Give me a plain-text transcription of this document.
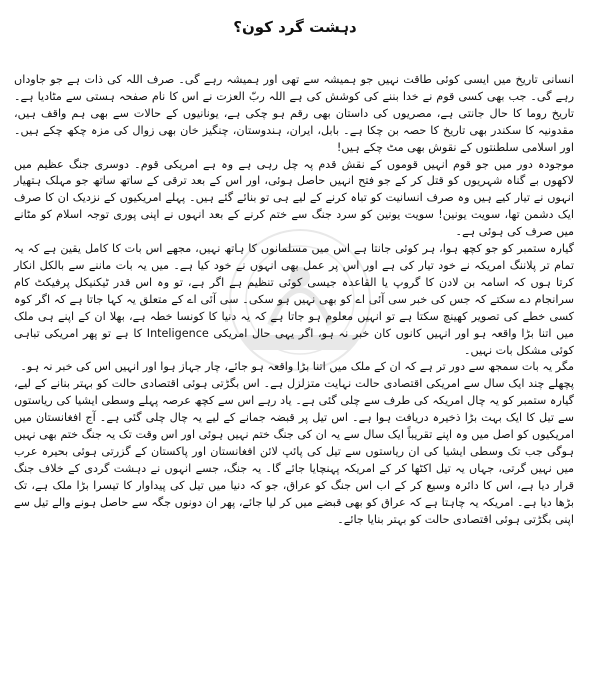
دہشت گرد کون؟

انسانی تاریخ میں ایسی کوئی طاقت نہیں جو ہمیشہ سے تھی اور ہمیشہ رہے گی۔ صرف اللہ کی ذات ہے جو جاوداں رہے گی۔ جب بھی کسی قوم نے خدا بننے کی کوشش کی ہے اللہ ربّ العزت نے اس کا نام صفحہ ہستی سے مٹادیا ہے۔ تاریخ روما کا حال جانتی ہے، مصریوں کی داستان بھی رقم ہو چکی ہے، یونانیوں کے حالات سے بھی ہم واقف ہیں، مقدونیہ کا سکندر بھی تاریخ کا حصہ بن چکا ہے۔ بابل، ایران، ہندوستان، چنگیز خان بھی زوال کی مزہ چکھ چکے ہیں۔ اور اسلامی سلطنتوں کے نقوش بھی مٹ چکے ہیں!

موجودہ دور میں جو قوم انہیں قوموں کے نقش قدم پہ چل رہی ہے وہ ہے امریکی قوم۔ دوسری جنگ عظیم میں لاکھوں بے گناہ شہریوں کو قتل کر کے جو فتح انہیں حاصل ہوئی، اور اس کے بعد ترقی کے ساتھ ساتھ جو مہلک ہتھیار انہوں نے تیار کیے ہیں وہ صرف انسانیت کو تباہ کرنے کے لیے ہی تو بنائے گئے ہیں۔ پہلے امریکیوں کے نزدیک ان کا صرف ایک دشمن تھا، سویت یونین! سویت یونین کو سرد جنگ سے ختم کرنے کے بعد انہوں نے اپنی پوری توجہ اسلام کو مٹانے میں صرف کی ہوئی ہے۔

گیارہ ستمبر کو جو کچھ ہوا، ہر کوئی جانتا ہے اس میں مسلمانوں کا ہاتھ نہیں، مجھے اس بات کا کامل یقین ہے کہ یہ تمام تر پلاننگ امریکہ نے خود تیار کی ہے اور اس پر عمل بھی انہوں نے خود کیا ہے۔ میں یہ بات ماننے سے بالکل انکار کرتا ہوں کہ اسامہ بن لادن کا گروپ یا القاعدہ جیسی کوئی تنظیم ہے اگر ہے، تو وہ اس قدر ٹیکنیکل پرفیکٹ کام سرانجام دے سکتے کہ جس کی خبر سی آئی اے کو بھی نہیں ہو سکی۔ سی آئی اے کے متعلق یہ کہا جاتا ہے کہ اگر کوہ کسی خطے کی تصویر کھینچ سکتا ہے تو انہیں معلوم ہو جاتا ہے کہ یہ دنیا کا کونسا خطہ ہے، بھلا ان کے اپنے ہی ملک میں اتنا بڑا واقعہ ہو اور انہیں کانوں کان خبر نہ ہو، اگر یہی حال امریکی Inteligence کا ہے تو پھر امریکی تباہی کوئی مشکل بات نہیں۔

مگر یہ بات سمجھ سے دور تر ہے کہ ان کے ملک میں اتنا بڑا واقعہ ہو جائے، چار جہاز ہوا اور انہیں اس کی خبر نہ ہو۔

پچھلے چند ایک سال سے امریکی اقتصادی حالت نہایت متزلزل ہے۔ اس بگڑتی ہوئی اقتصادی حالت کو بہتر بنانے کے لیے، گیارہ ستمبر کو یہ چال امریکہ کی طرف سے چلی گئی ہے۔ یاد رہے اس سے کچھ عرصہ پہلے وسطی ایشیا کی ریاستوں سے تیل کا ایک بہت بڑا ذخیرہ دریافت ہوا ہے۔ اس تیل پر قبضہ جمانے کے لیے یہ چال چلی گئی ہے۔ آج افغانستان میں امریکیوں کو اصل میں وہ اپنے تقریباً ایک سال سے یہ ان کی جنگ ختم نہیں ہوئی اور اس وقت تک یہ جنگ ختم بھی نہیں ہوگی جب تک وسطی ایشیا کی ان ریاستوں سے تیل کی پائپ لائن افغانستان اور پاکستان کے گزرتی ہوئی بحیرہ عرب میں نہیں گرتی، جہاں یہ تیل اکٹھا کر کے امریکہ پہنچایا جائے گا۔ یہ جنگ، جسے انہوں نے دہشت گردی کے خلاف جنگ قرار دیا ہے، اس کا دائرہ وسیع کر کے اب اس جنگ کو عراق، جو کہ دنیا میں تیل کی پیداوار کا تیسرا بڑا ملک ہے، تک بڑھا دیا ہے۔ امریکہ یہ چاہتا ہے کہ عراق کو بھی قبضے میں کر لیا جائے، پھر ان دونوں جگہ سے حاصل ہونے والے تیل سے اپنی بگڑتی ہوئی اقتصادی حالت کو بہتر بنایا جائے۔
